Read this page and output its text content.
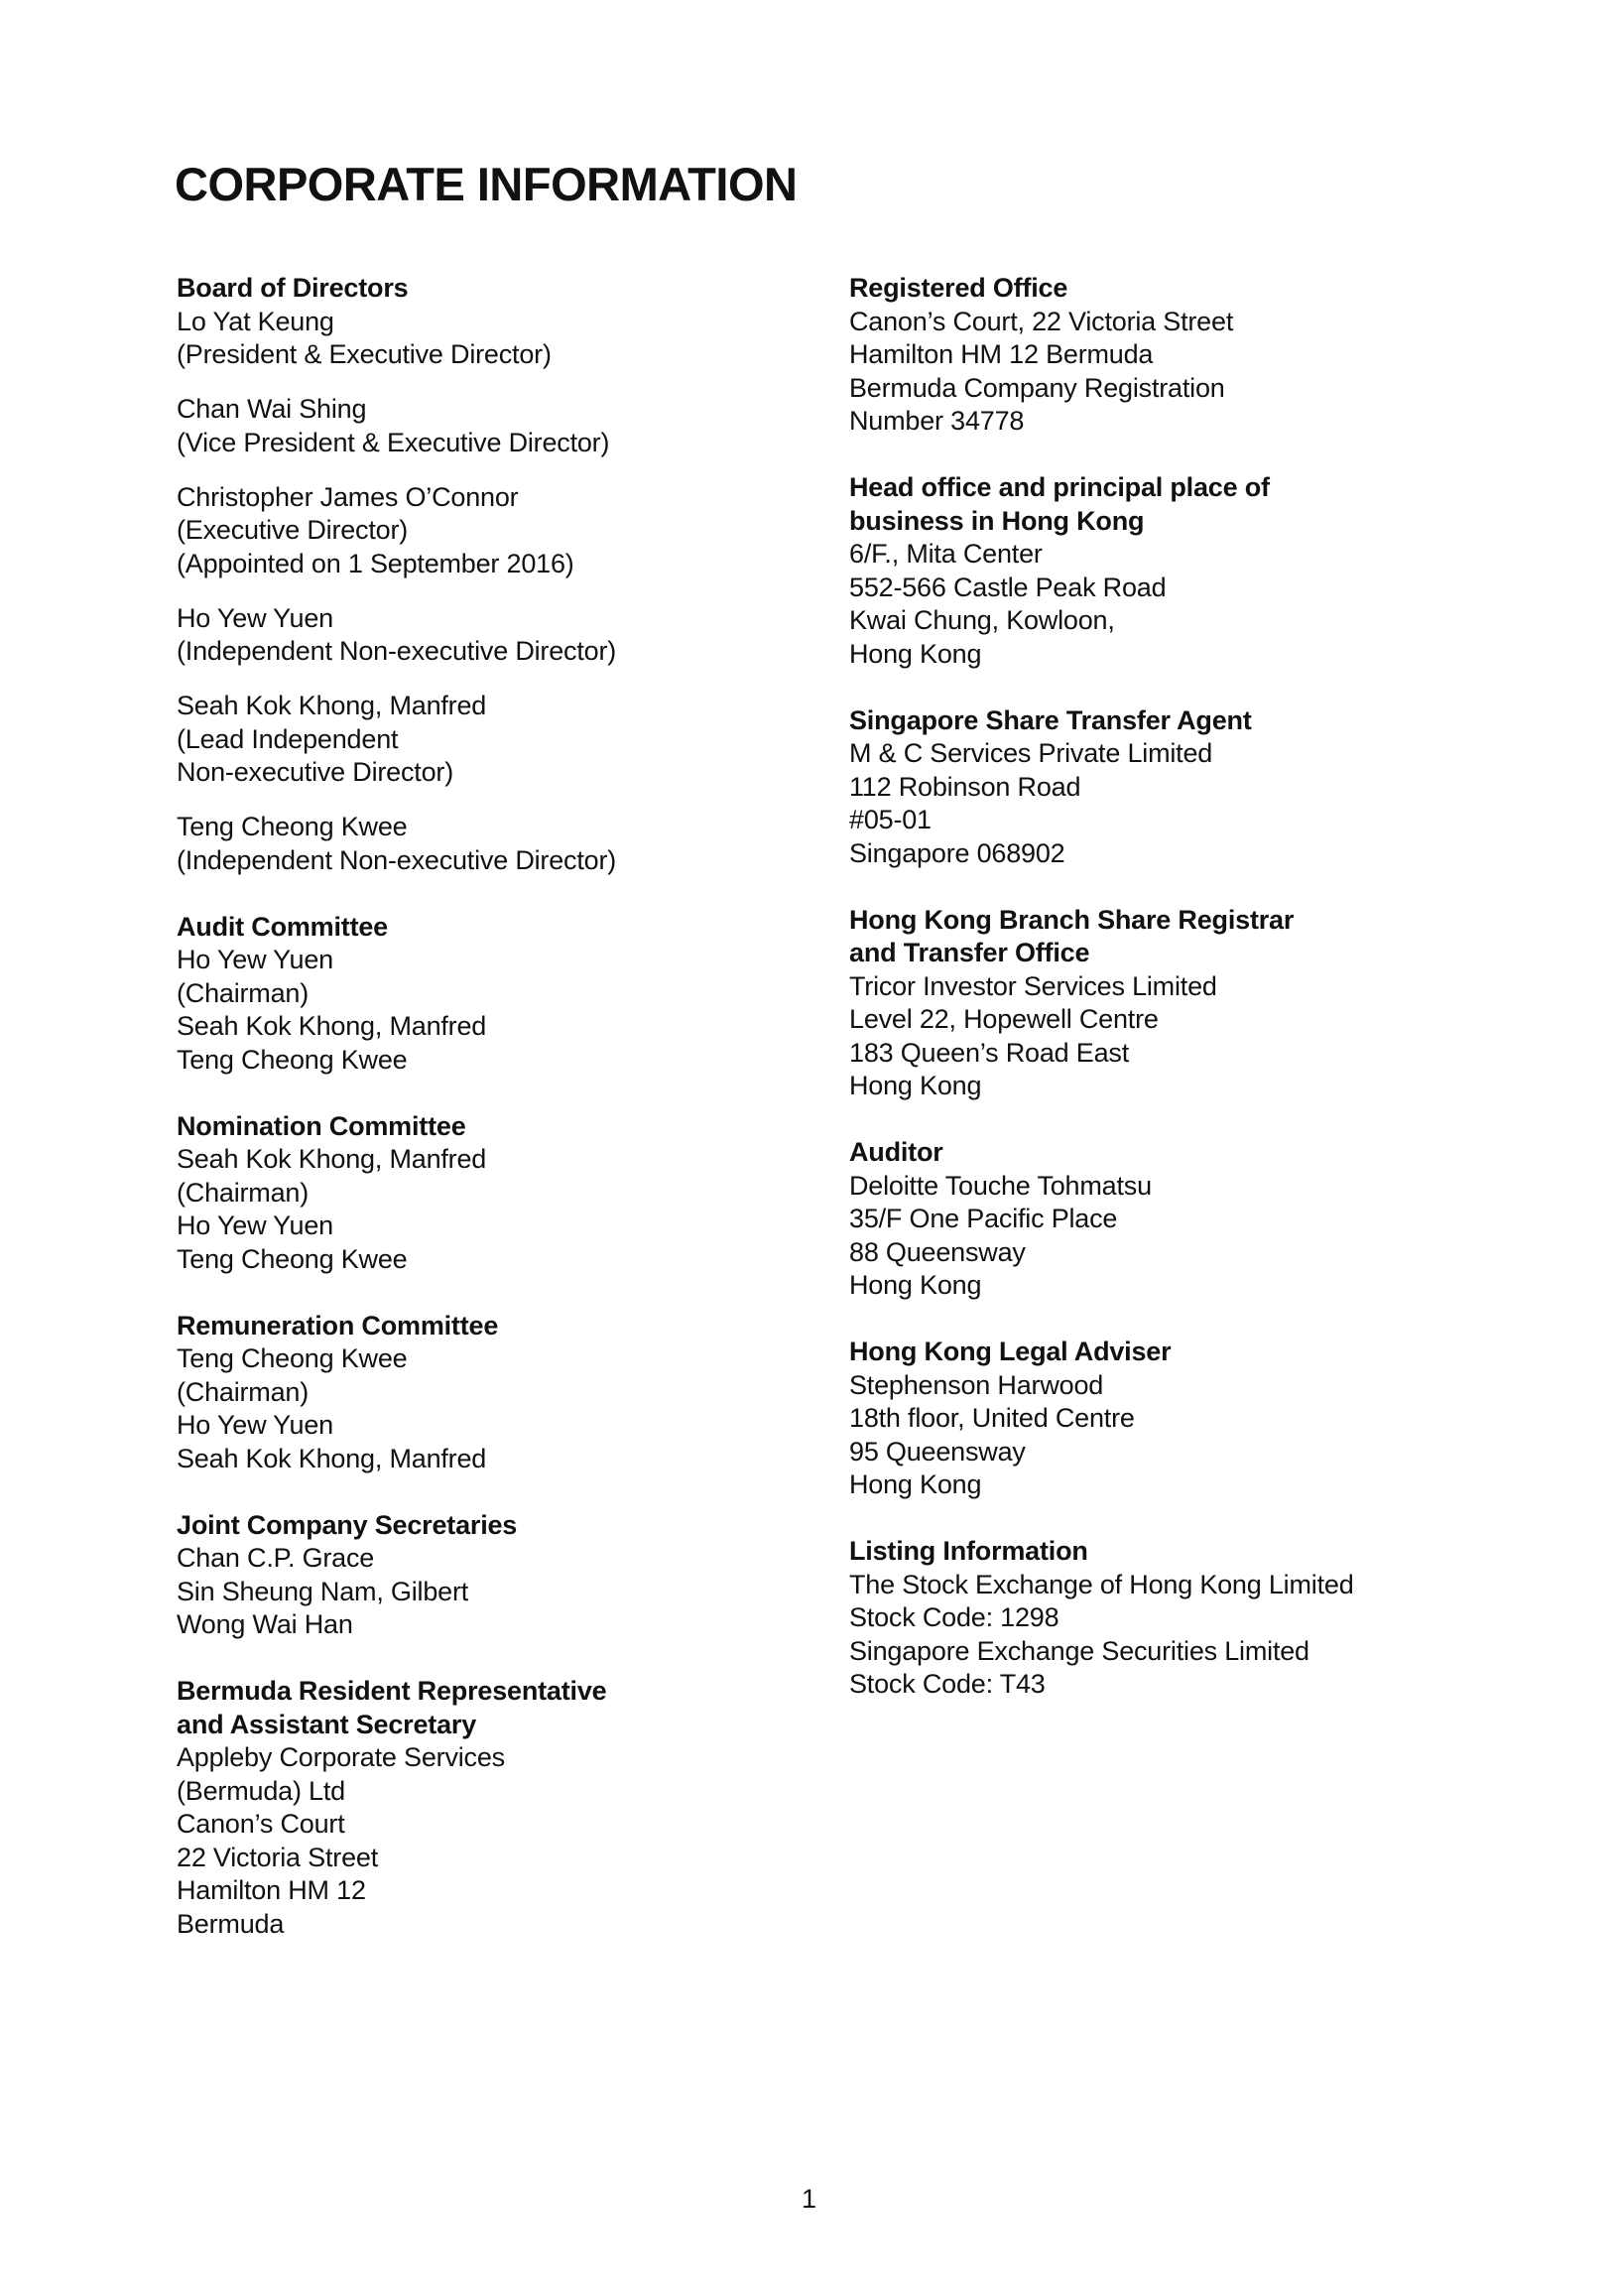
CORPORATE INFORMATION
Board of Directors
Lo Yat Keung
(President & Executive Director)
Chan Wai Shing
(Vice President & Executive Director)
Christopher James O’Connor
(Executive Director)
(Appointed on 1 September 2016)
Ho Yew Yuen
(Independent Non-executive Director)
Seah Kok Khong, Manfred
(Lead Independent
Non-executive Director)
Teng Cheong Kwee
(Independent Non-executive Director)
Audit Committee
Ho Yew Yuen
(Chairman)
Seah Kok Khong, Manfred
Teng Cheong Kwee
Nomination Committee
Seah Kok Khong, Manfred
(Chairman)
Ho Yew Yuen
Teng Cheong Kwee
Remuneration Committee
Teng Cheong Kwee
(Chairman)
Ho Yew Yuen
Seah Kok Khong, Manfred
Joint Company Secretaries
Chan C.P. Grace
Sin Sheung Nam, Gilbert
Wong Wai Han
Bermuda Resident Representative
and Assistant Secretary
Appleby Corporate Services
(Bermuda) Ltd
Canon’s Court
22 Victoria Street
Hamilton HM 12
Bermuda
Registered Office
Canon’s Court, 22 Victoria Street
Hamilton HM 12 Bermuda
Bermuda Company Registration
Number 34778
Head office and principal place of
business in Hong Kong
6/F., Mita Center
552-566 Castle Peak Road
Kwai Chung, Kowloon,
Hong Kong
Singapore Share Transfer Agent
M & C Services Private Limited
112 Robinson Road
#05-01
Singapore 068902
Hong Kong Branch Share Registrar
and Transfer Office
Tricor Investor Services Limited
Level 22, Hopewell Centre
183 Queen’s Road East
Hong Kong
Auditor
Deloitte Touche Tohmatsu
35/F One Pacific Place
88 Queensway
Hong Kong
Hong Kong Legal Adviser
Stephenson Harwood
18th floor, United Centre
95 Queensway
Hong Kong
Listing Information
The Stock Exchange of Hong Kong Limited
Stock Code: 1298
Singapore Exchange Securities Limited
Stock Code: T43
1
